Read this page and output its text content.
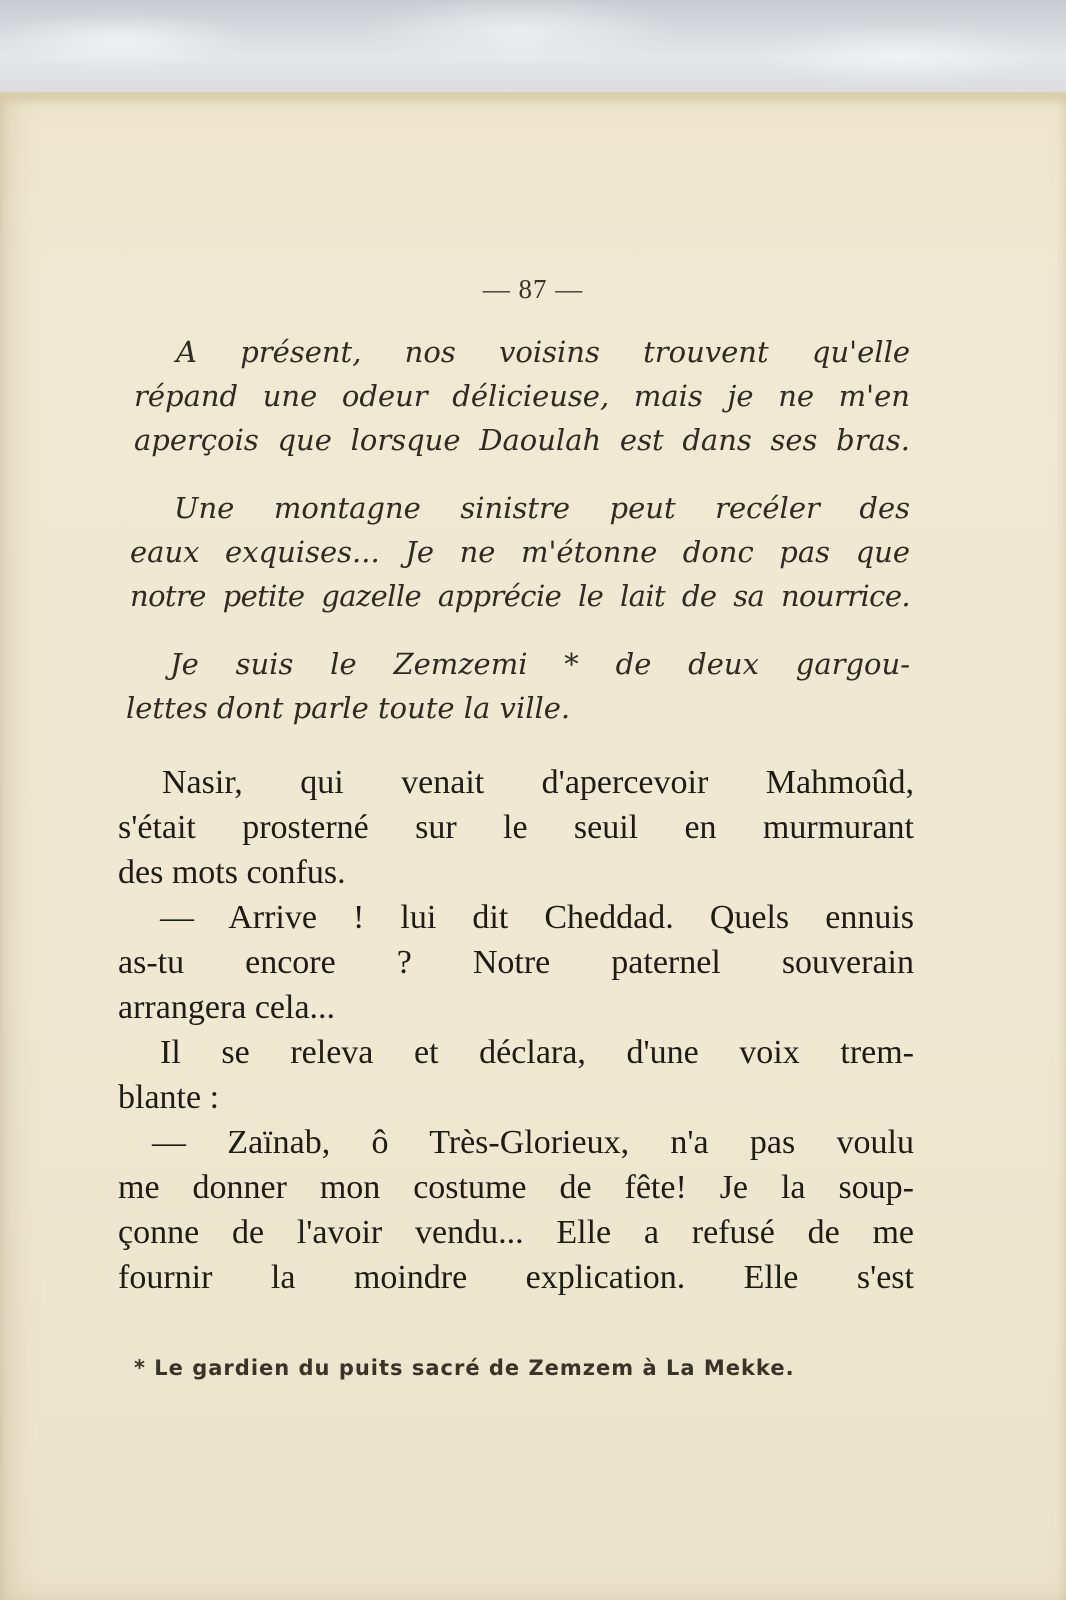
— 87 —
A présent, nos voisins trouvent qu'elle
répand une odeur délicieuse, mais je ne m'en
aperçois que lorsque Daoulah est dans ses bras.
Une montagne sinistre peut recéler des
eaux exquises... Je ne m'étonne donc pas que
notre petite gazelle apprécie le lait de sa nourrice.
Je suis le Zemzemi * de deux gargou-
lettes dont parle toute la ville.
Nasir, qui venait d'apercevoir Mahmoûd,
s'était prosterné sur le seuil en murmurant
des mots confus.
— Arrive ! lui dit Cheddad. Quels ennuis
as-tu encore ? Notre paternel souverain
arrangera cela...
Il se releva et déclara, d'une voix trem-
blante :
— Zaïnab, ô Très-Glorieux, n'a pas voulu
me donner mon costume de fête! Je la soup-
çonne de l'avoir vendu... Elle a refusé de me
fournir la moindre explication. Elle s'est
* Le gardien du puits sacré de Zemzem à La Mekke.
